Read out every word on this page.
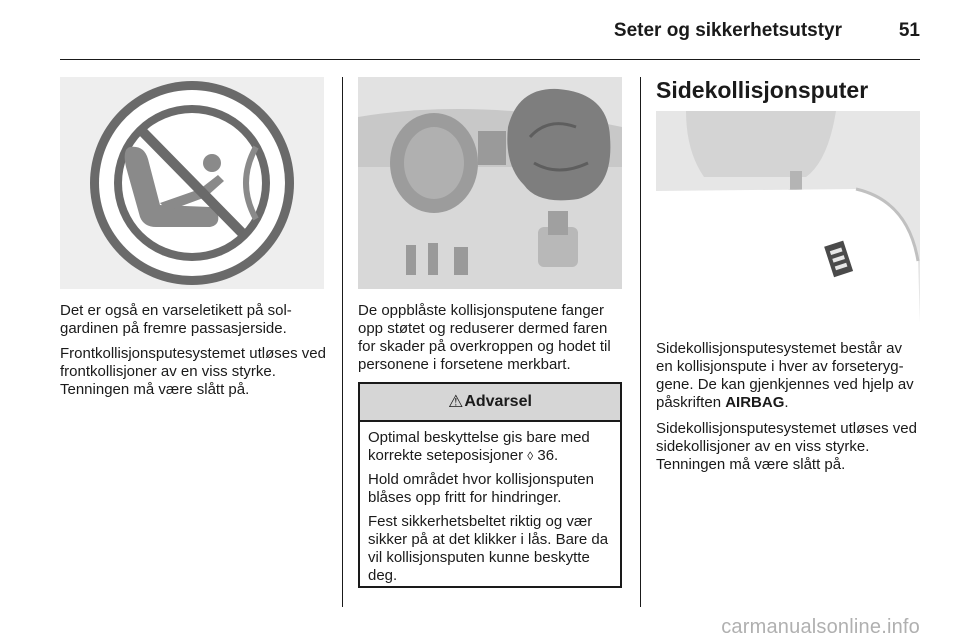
Seter og sikkerhetsutstyr	51

Det er også en varseletikett på solgardinen på fremre passasjerside.

Frontkollisjonsputesystemet utløses ved frontkollisjoner av en viss styrke. Tenningen må være slått på.

De oppblåste kollisjonsputene fanger opp støtet og reduserer dermed faren for skader på overkroppen og hodet til personene i forsetene merkbart.

⚠ Advarsel

Optimal beskyttelse gis bare med korrekte seteposisjoner ◊ 36.

Hold området hvor kollisjonsputen blåses opp fritt for hindringer.

Fest sikkerhetsbeltet riktig og vær sikker på at det klikker i lås. Bare da vil kollisjonsputen kunne beskytte deg.

Sidekollisjonsputer

Sidekollisjonsputesystemet består av en kollisjonspute i hver av forseteryggene. De kan gjenkjennes ved hjelp av påskriften AIRBAG.

Sidekollisjonsputesystemet utløses ved sidekollisjoner av en viss styrke. Tenningen må være slått på.

carmanualsonline.info
